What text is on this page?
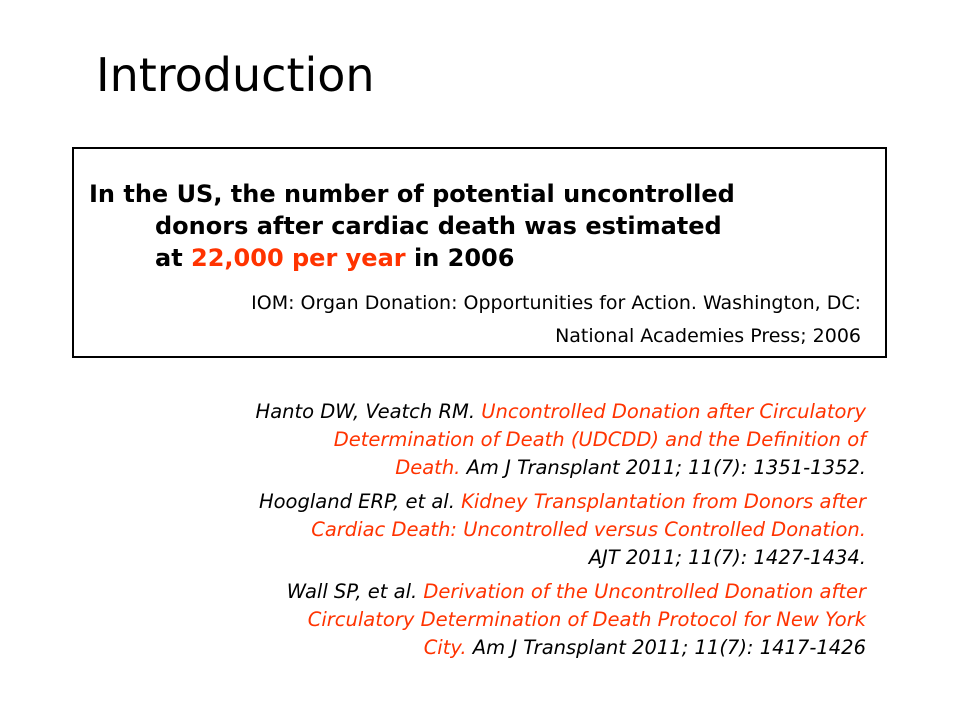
Introduction
In the US, the number of potential uncontrolled
donors after cardiac death was estimated
at 22,000 per year in 2006
IOM: Organ Donation: Opportunities for Action. Washington, DC:
National Academies Press; 2006
Hanto DW, Veatch RM. Uncontrolled Donation after Circulatory
Determination of Death (UDCDD) and the Definition of
Death. Am J Transplant 2011; 11(7): 1351-1352.
Hoogland ERP, et al. Kidney Transplantation from Donors after
Cardiac Death: Uncontrolled versus Controlled Donation.
AJT 2011; 11(7): 1427-1434.
Wall SP, et al. Derivation of the Uncontrolled Donation after
Circulatory Determination of Death Protocol for New York
City. Am J Transplant 2011; 11(7): 1417-1426
